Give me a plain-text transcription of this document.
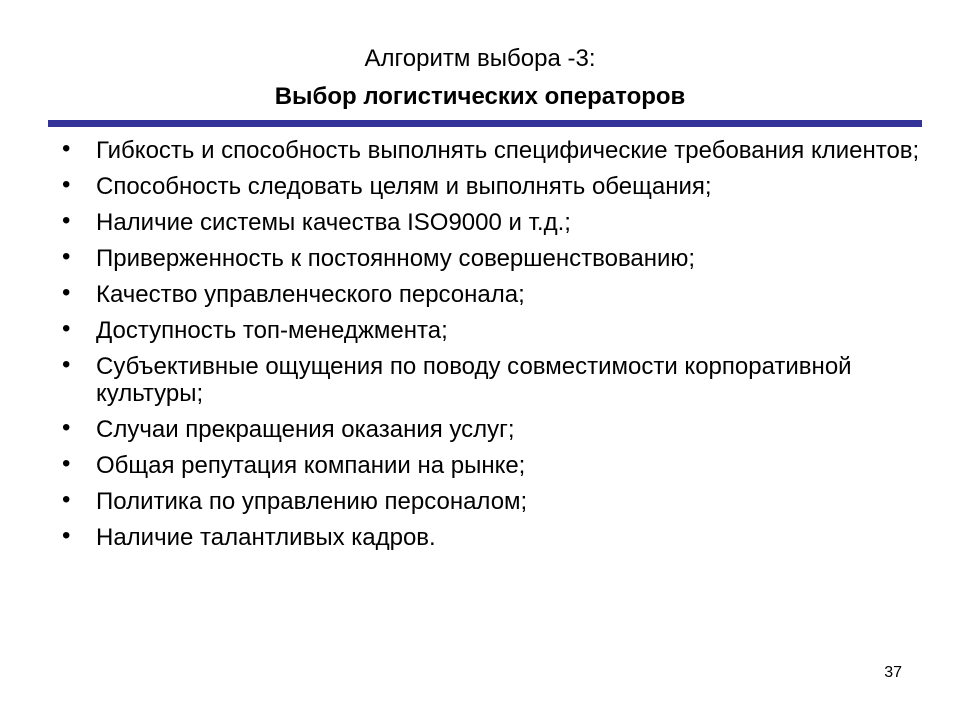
Алгоритм выбора -3:
Выбор логистических операторов
• Гибкость и способность выполнять специфические требования клиентов;
• Способность следовать целям и выполнять обещания;
• Наличие системы качества ISO9000 и т.д.;
• Приверженность к постоянному совершенствованию;
• Качество управленческого персонала;
• Доступность топ-менеджмента;
• Субъективные ощущения по поводу совместимости корпоративной культуры;
• Случаи прекращения оказания услуг;
• Общая репутация компании на рынке;
• Политика по управлению персоналом;
• Наличие талантливых кадров.
37
